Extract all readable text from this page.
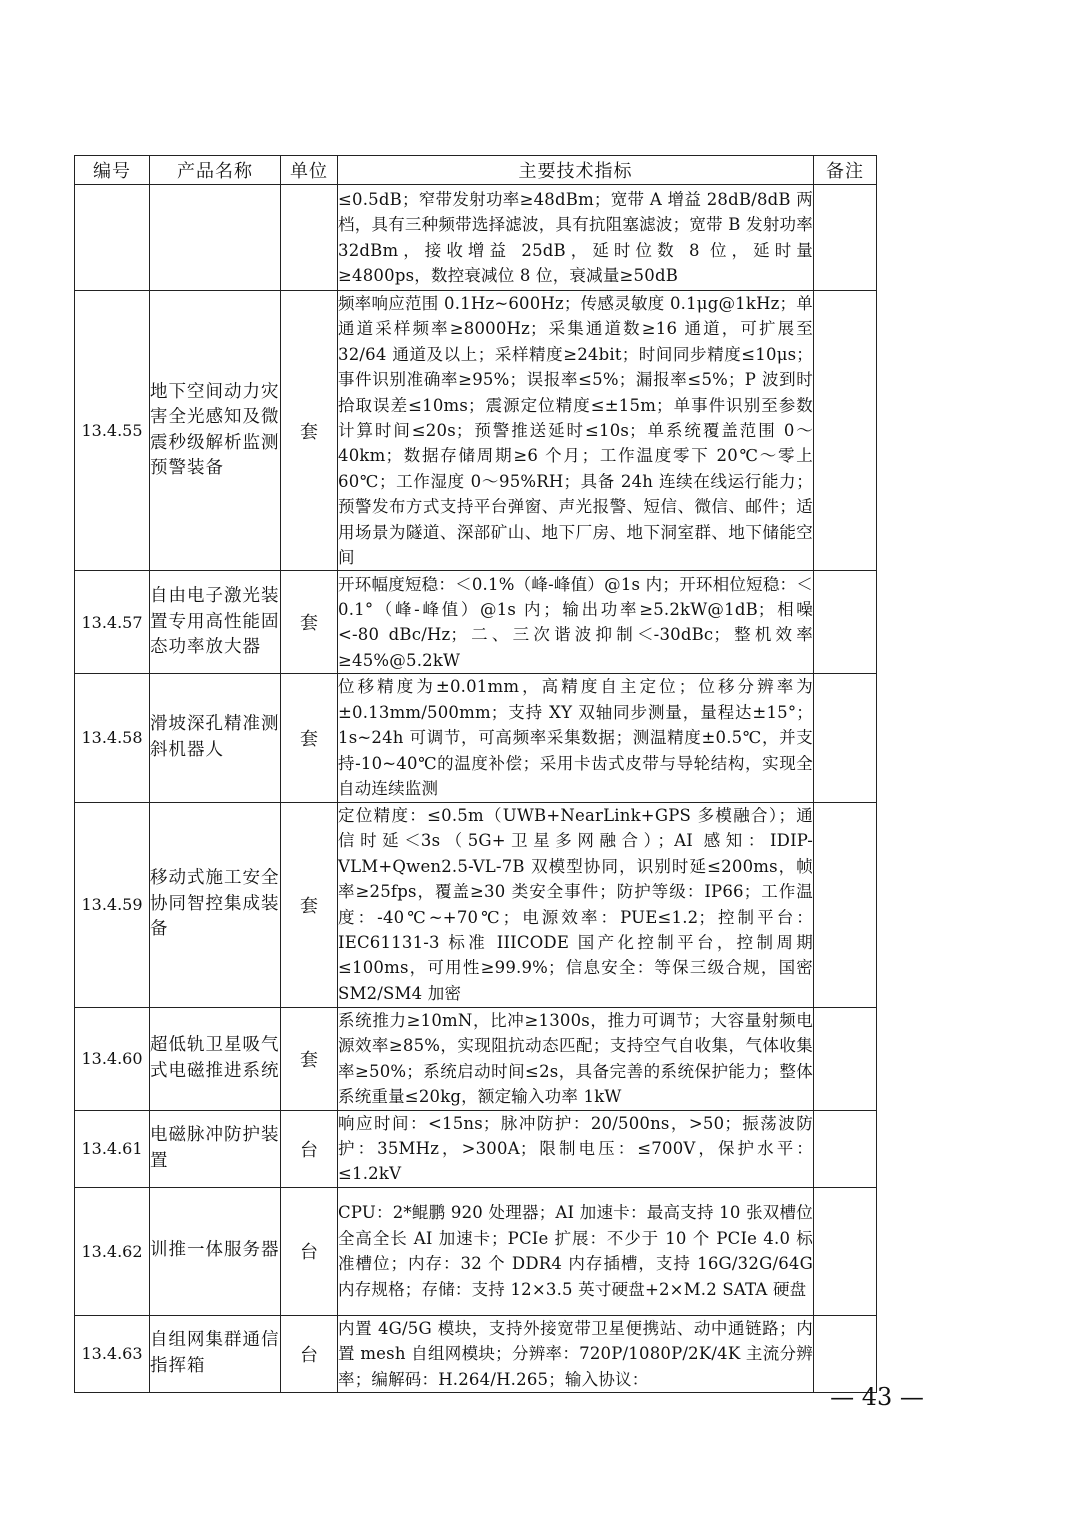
编号	产品名称	单位	主要技术指标	备注
			≤0.5dB；窄带发射功率≥48dBm；宽带 A 增益 28dB/8dB 两档，具有三种频带选择滤波，具有抗阻塞滤波；宽带 B 发射功率 32dBm，接收增益 25dB，延时位数 8 位，延时量≥4800ps，数控衰减位 8 位，衰减量≥50dB	
13.4.55	地下空间动力灾害全光感知及微震秒级解析监测预警装备	套	频率响应范围 0.1Hz~600Hz；传感灵敏度 0.1μg@1kHz；单通道采样频率≥8000Hz；采集通道数≥16 通道，可扩展至 32/64 通道及以上；采样精度≥24bit；时间同步精度≤10μs；事件识别准确率≥95%；误报率≤5%；漏报率≤5%；P 波到时拾取误差≤10ms；震源定位精度≤±15m；单事件识别至参数计算时间≤20s；预警推送延时≤10s；单系统覆盖范围 0～40km；数据存储周期≥6 个月；工作温度零下 20℃～零上 60℃；工作湿度 0～95%RH；具备 24h 连续在线运行能力；预警发布方式支持平台弹窗、声光报警、短信、微信、邮件；适用场景为隧道、深部矿山、地下厂房、地下洞室群、地下储能空间	
13.4.57	自由电子激光装置专用高性能固态功率放大器	套	开环幅度短稳：＜0.1%（峰-峰值）@1s 内；开环相位短稳：＜0.1°（峰-峰值）@1s 内；输出功率≥5.2kW@1dB；相噪<-80 dBc/Hz；二、三次谐波抑制＜-30dBc；整机效率≥45%@5.2kW	
13.4.58	滑坡深孔精准测斜机器人	套	位移精度为±0.01mm，高精度自主定位；位移分辨率为±0.13mm/500mm；支持 XY 双轴同步测量，量程达±15°；1s~24h 可调节，可高频率采集数据；测温精度±0.5℃，并支持-10~40℃的温度补偿；采用卡齿式皮带与导轮结构，实现全自动连续监测	
13.4.59	移动式施工安全协同智控集成装备	套	定位精度：≤0.5m（UWB+NearLink+GPS 多模融合）；通信时延＜3s（5G+卫星多网融合）；AI 感知：IDIP-VLM+Qwen2.5-VL-7B 双模型协同，识别时延≤200ms，帧率≥25fps，覆盖≥30 类安全事件；防护等级：IP66；工作温度：-40℃~+70℃；电源效率：PUE≤1.2；控制平台：IEC61131-3 标准 IIICODE 国产化控制平台，控制周期≤100ms，可用性≥99.9%；信息安全：等保三级合规，国密 SM2/SM4 加密	
13.4.60	超低轨卫星吸气式电磁推进系统	套	系统推力≥10mN，比冲≥1300s，推力可调节；大容量射频电源效率≥85%，实现阻抗动态匹配；支持空气自收集，气体收集率≥50%；系统启动时间≤2s，具备完善的系统保护能力；整体系统重量≤20kg，额定输入功率 1kW	
13.4.61	电磁脉冲防护装置	台	响应时间：<15ns；脉冲防护：20/500ns，>50；振荡波防护：35MHz，>300A；限制电压：≤700V，保护水平：≤1.2kV	
13.4.62	训推一体服务器	台	CPU：2*鲲鹏 920 处理器；AI 加速卡：最高支持 10 张双槽位全高全长 AI 加速卡；PCIe 扩展：不少于 10 个 PCIe 4.0 标准槽位；内存：32 个 DDR4 内存插槽，支持 16G/32G/64G 内存规格；存储：支持 12×3.5 英寸硬盘+2×M.2 SATA 硬盘	
13.4.63	自组网集群通信指挥箱	台	内置 4G/5G 模块，支持外接宽带卫星便携站、动中通链路；内置 mesh 自组网模块；分辨率：720P/1080P/2K/4K 主流分辨率；编解码：H.264/H.265；输入协议：	
— 43 —
